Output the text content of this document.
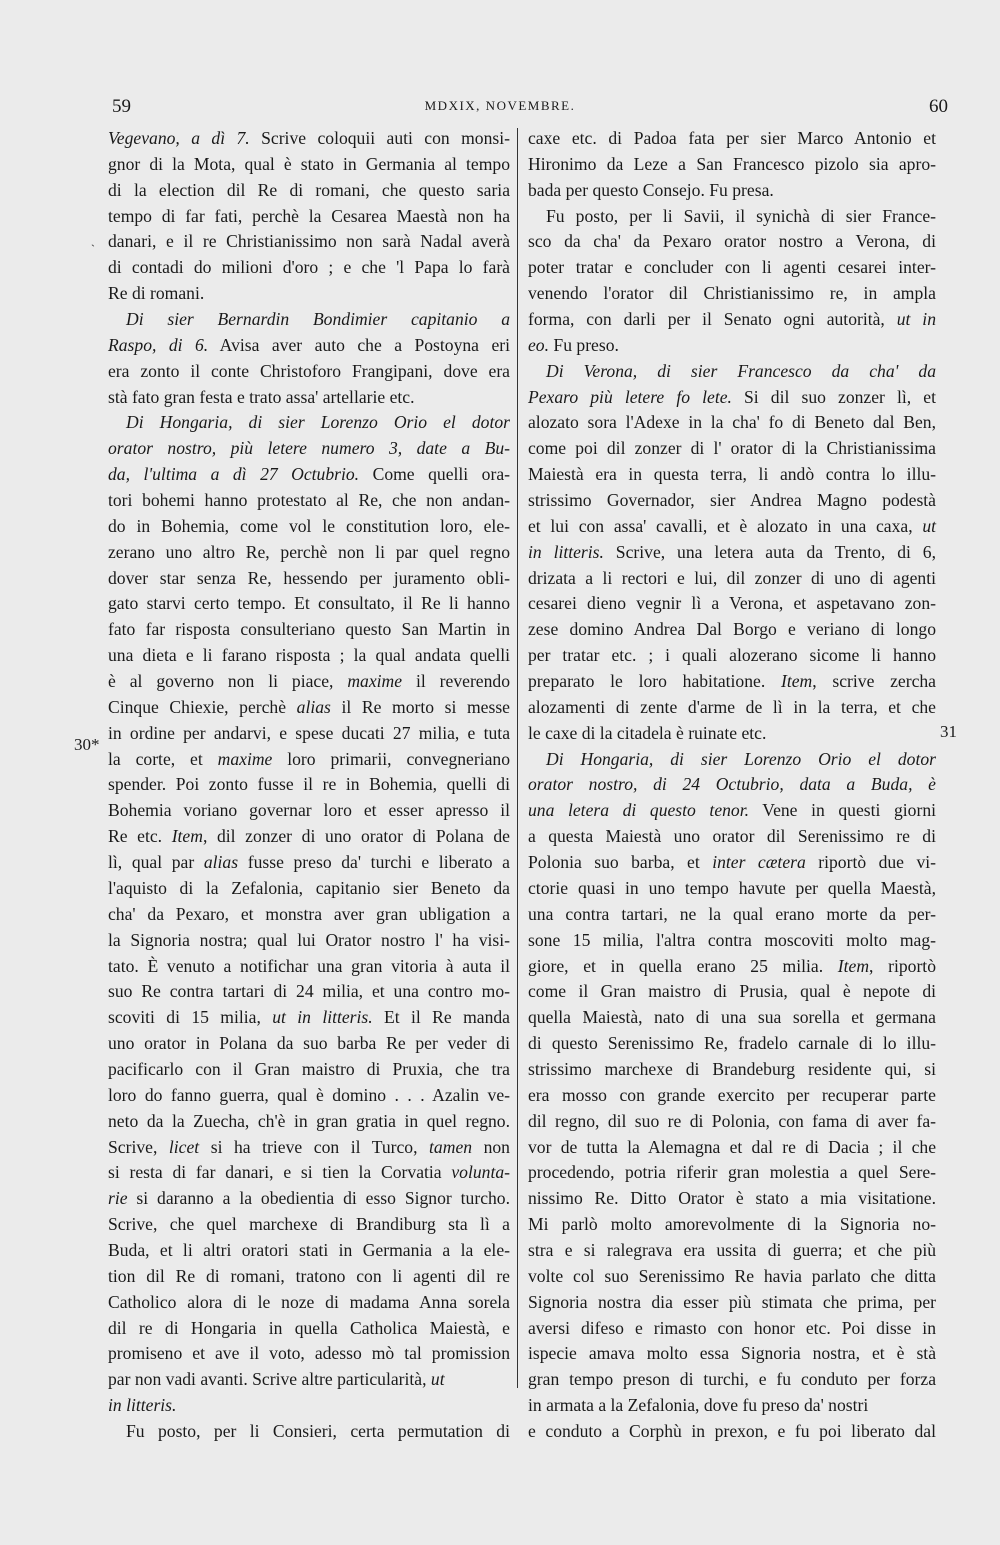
59	MDXIX, NOVEMBRE.	60
`
30*
31
Vegevano, a dì 7. Scrive coloquii auti con monsi-
gnor di la Mota, qual è stato in Germania al tempo
di la election dil Re di romani, che questo saria
tempo di far fati, perchè la Cesarea Maestà non ha
danari, e il re Christianissimo non sarà Nadal averà
di contadi do milioni d'oro ; e che 'l Papa lo farà
Re di romani.
Di sier Bernardin Bondimier capitanio a
Raspo, di 6. Avisa aver auto che a Postoyna eri
era zonto il conte Christoforo Frangipani, dove era
stà fato gran festa e trato assa' artellarie etc.
Di Hongaria, di sier Lorenzo Orio el dotor
orator nostro, più letere numero 3, date a Bu-
da, l'ultima a dì 27 Octubrio. Come quelli ora-
tori bohemi hanno protestato al Re, che non andan-
do in Bohemia, come vol le constitution loro, ele-
zerano uno altro Re, perchè non li par quel regno
dover star senza Re, hessendo per juramento obli-
gato starvi certo tempo. Et consultato, il Re li hanno
fato far risposta consulteriano questo San Martin in
una dieta e li farano risposta ; la qual andata quelli
è al governo non li piace, maxime il reverendo
Cinque Chiexie, perchè alias il Re morto si messe
in ordine per andarvi, e spese ducati 27 milia, e tuta
la corte, et maxime loro primarii, convegneriano
spender. Poi zonto fusse il re in Bohemia, quelli di
Bohemia voriano governar loro et esser apresso il
Re etc. Item, dil zonzer di uno orator di Polana de
lì, qual par alias fusse preso da' turchi e liberato a
l'aquisto di la Zefalonia, capitanio sier Beneto da
cha' da Pexaro, et monstra aver gran ubligation a
la Signoria nostra; qual lui Orator nostro l' ha visi-
tato. È venuto a notifichar una gran vitoria à auta il
suo Re contra tartari di 24 milia, et una contro mo-
scoviti di 15 milia, ut in litteris. Et il Re manda
uno orator in Polana da suo barba Re per veder di
pacificarlo con il Gran maistro di Pruxia, che tra
loro do fanno guerra, qual è domino . . . Azalin ve-
neto da la Zuecha, ch'è in gran gratia in quel regno.
Scrive, licet si ha trieve con il Turco, tamen non
si resta di far danari, e si tien la Corvatia volunta-
rie si daranno a la obedientia di esso Signor turcho.
Scrive, che quel marchexe di Brandiburg sta lì a
Buda, et li altri oratori stati in Germania a la ele-
tion dil Re di romani, tratono con li agenti dil re
Catholico alora di le noze di madama Anna sorela
dil re di Hongaria in quella Catholica Maiestà, e
promiseno et ave il voto, adesso mò tal promission
par non vadi avanti. Scrive altre particularità, ut
in litteris.
Fu posto, per li Consieri, certa permutation di
caxe etc. di Padoa fata per sier Marco Antonio et
Hironimo da Leze a San Francesco pizolo sia apro-
bada per questo Consejo. Fu presa.
Fu posto, per li Savii, il synichà di sier France-
sco da cha' da Pexaro orator nostro a Verona, di
poter tratar e concluder con li agenti cesarei inter-
venendo l'orator dil Christianissimo re, in ampla
forma, con darli per il Senato ogni autorità, ut in
eo. Fu preso.
Di Verona, di sier Francesco da cha' da
Pexaro più letere fo lete. Si dil suo zonzer lì, et
alozato sora l'Adexe in la cha' fo di Beneto dal Ben,
come poi dil zonzer di l' orator di la Christianissima
Maiestà era in questa terra, li andò contra lo illu-
strissimo Governador, sier Andrea Magno podestà
et lui con assa' cavalli, et è alozato in una caxa, ut
in litteris. Scrive, una letera auta da Trento, di 6,
drizata a li rectori e lui, dil zonzer di uno di agenti
cesarei dieno vegnir lì a Verona, et aspetavano zon-
zese domino Andrea Dal Borgo e veriano di longo
per tratar etc. ; i quali alozerano sicome li hanno
preparato le loro habitatione. Item, scrive zercha
alozamenti di zente d'arme de lì in la terra, et che
le caxe di la citadela è ruinate etc.
Di Hongaria, di sier Lorenzo Orio el dotor
orator nostro, di 24 Octubrio, data a Buda, è
una letera di questo tenor. Vene in questi giorni
a questa Maiestà uno orator dil Serenissimo re di
Polonia suo barba, et inter cætera riportò due vi-
ctorie quasi in uno tempo havute per quella Maestà,
una contra tartari, ne la qual erano morte da per-
sone 15 milia, l'altra contra moscoviti molto mag-
giore, et in quella erano 25 milia. Item, riportò
come il Gran maistro di Prusia, qual è nepote di
quella Maiestà, nato di una sua sorella et germana
di questo Serenissimo Re, fradelo carnale di lo illu-
strissimo marchexe di Brandeburg residente qui, si
era mosso con grande exercito per recuperar parte
dil regno, dil suo re di Polonia, con fama di aver fa-
vor de tutta la Alemagna et dal re di Dacia ; il che
procedendo, potria riferir gran molestia a quel Sere-
nissimo Re. Ditto Orator è stato a mia visitatione.
Mi parlò molto amorevolmente di la Signoria no-
stra e si ralegrava era ussita di guerra; et che più
volte col suo Serenissimo Re havia parlato che ditta
Signoria nostra dia esser più stimata che prima, per
aversi difeso e rimasto con honor etc. Poi disse in
ispecie amava molto essa Signoria nostra, et è stà
gran tempo preson di turchi, e fu conduto per forza
in armata a la Zefalonia, dove fu preso da' nostri
e conduto a Corphù in prexon, e fu poi liberato dal
